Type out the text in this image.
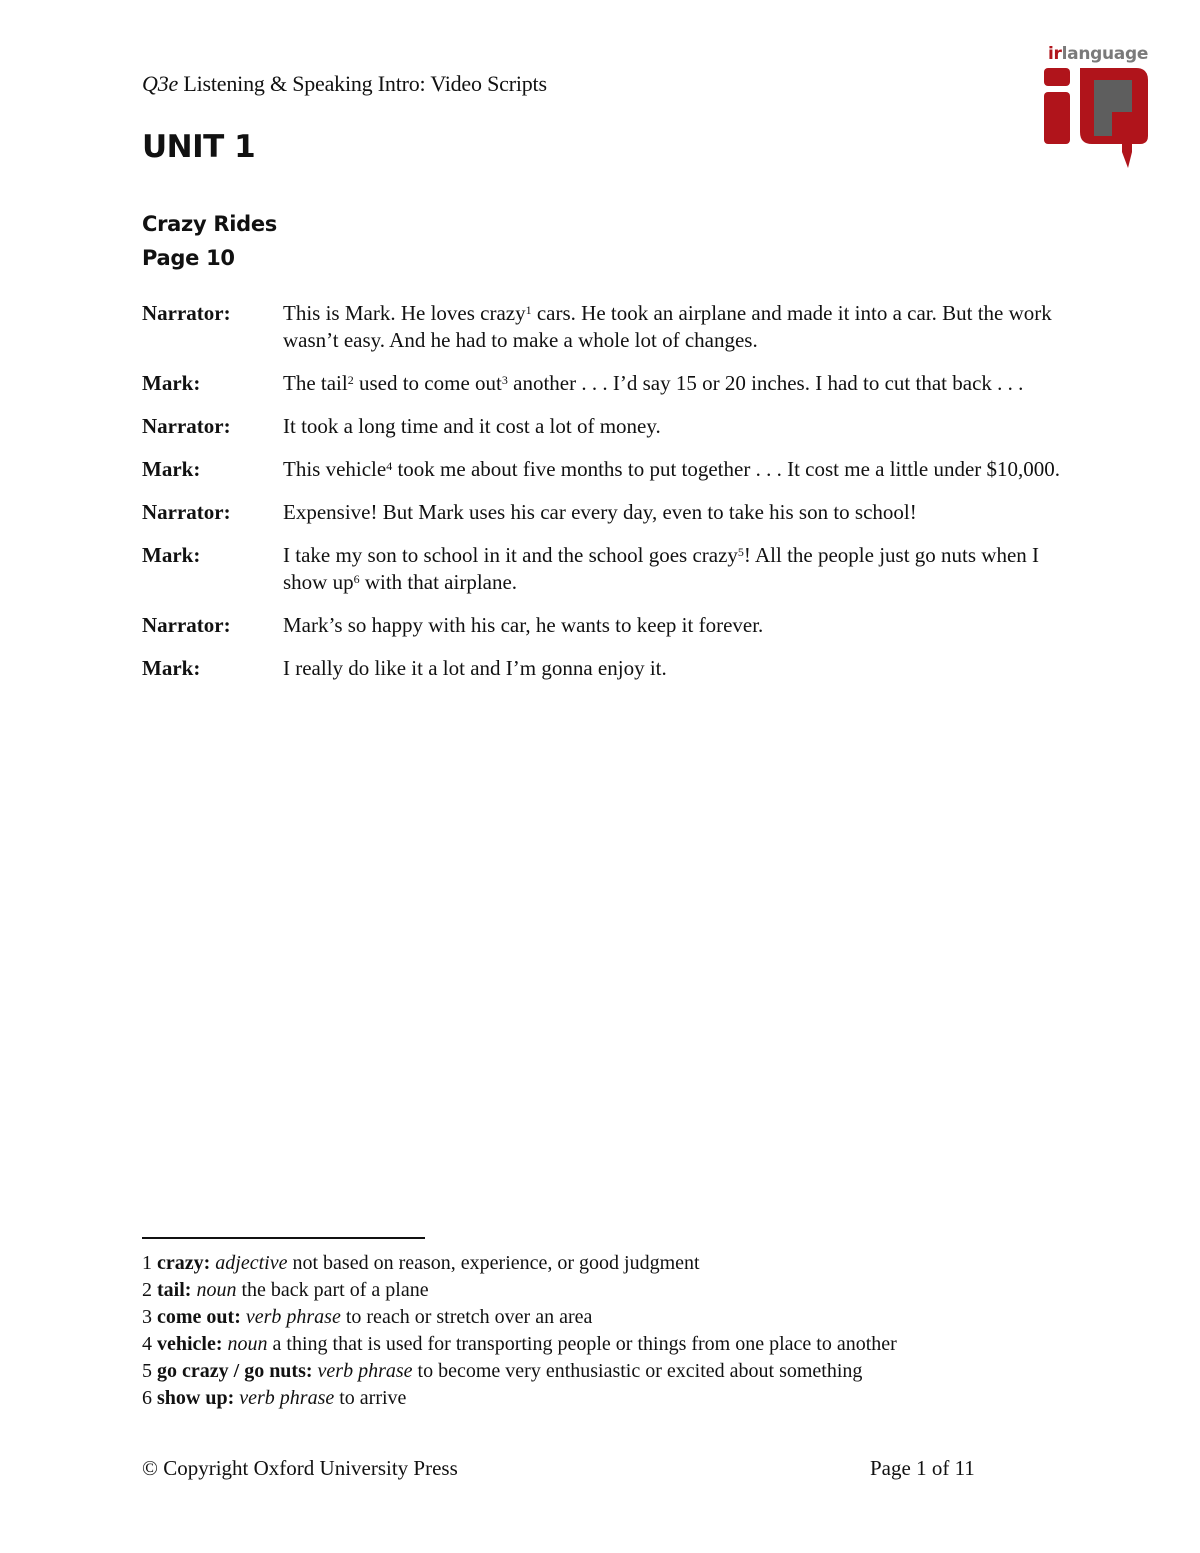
Q3e Listening & Speaking Intro: Video Scripts
irlanguage
UNIT 1
Crazy Rides
Page 10
Narrator:	This is Mark. He loves crazy$^1$ cars. He took an airplane and made it into a car. But the work wasn’t easy. And he had to make a whole lot of changes.
Mark:	The tail$^2$ used to come out$^3$ another . . . I’d say 15 or 20 inches. I had to cut that back . . .
Narrator:	It took a long time and it cost a lot of money.
Mark:	This vehicle$^4$ took me about five months to put together . . . It cost me a little under $10,000.
Narrator:	Expensive! But Mark uses his car every day, even to take his son to school!
Mark:	I take my son to school in it and the school goes crazy$^5$! All the people just go nuts when I show $up^6$ with that airplane.
Narrator:	Mark’s so happy with his car, he wants to keep it forever.
Mark:	I really do like it a lot and I’m gonna enjoy it.
1 crazy: adjective not based on reason, experience, or good judgment
2 tail: noun the back part of a plane
3 come out: verb phrase to reach or stretch over an area
4 vehicle: noun a thing that is used for transporting people or things from one place to another
5 go crazy / go nuts: verb phrase to become very enthusiastic or excited about something
6 show up: verb phrase to arrive
© Copyright Oxford University Press	Page 1 of 11
